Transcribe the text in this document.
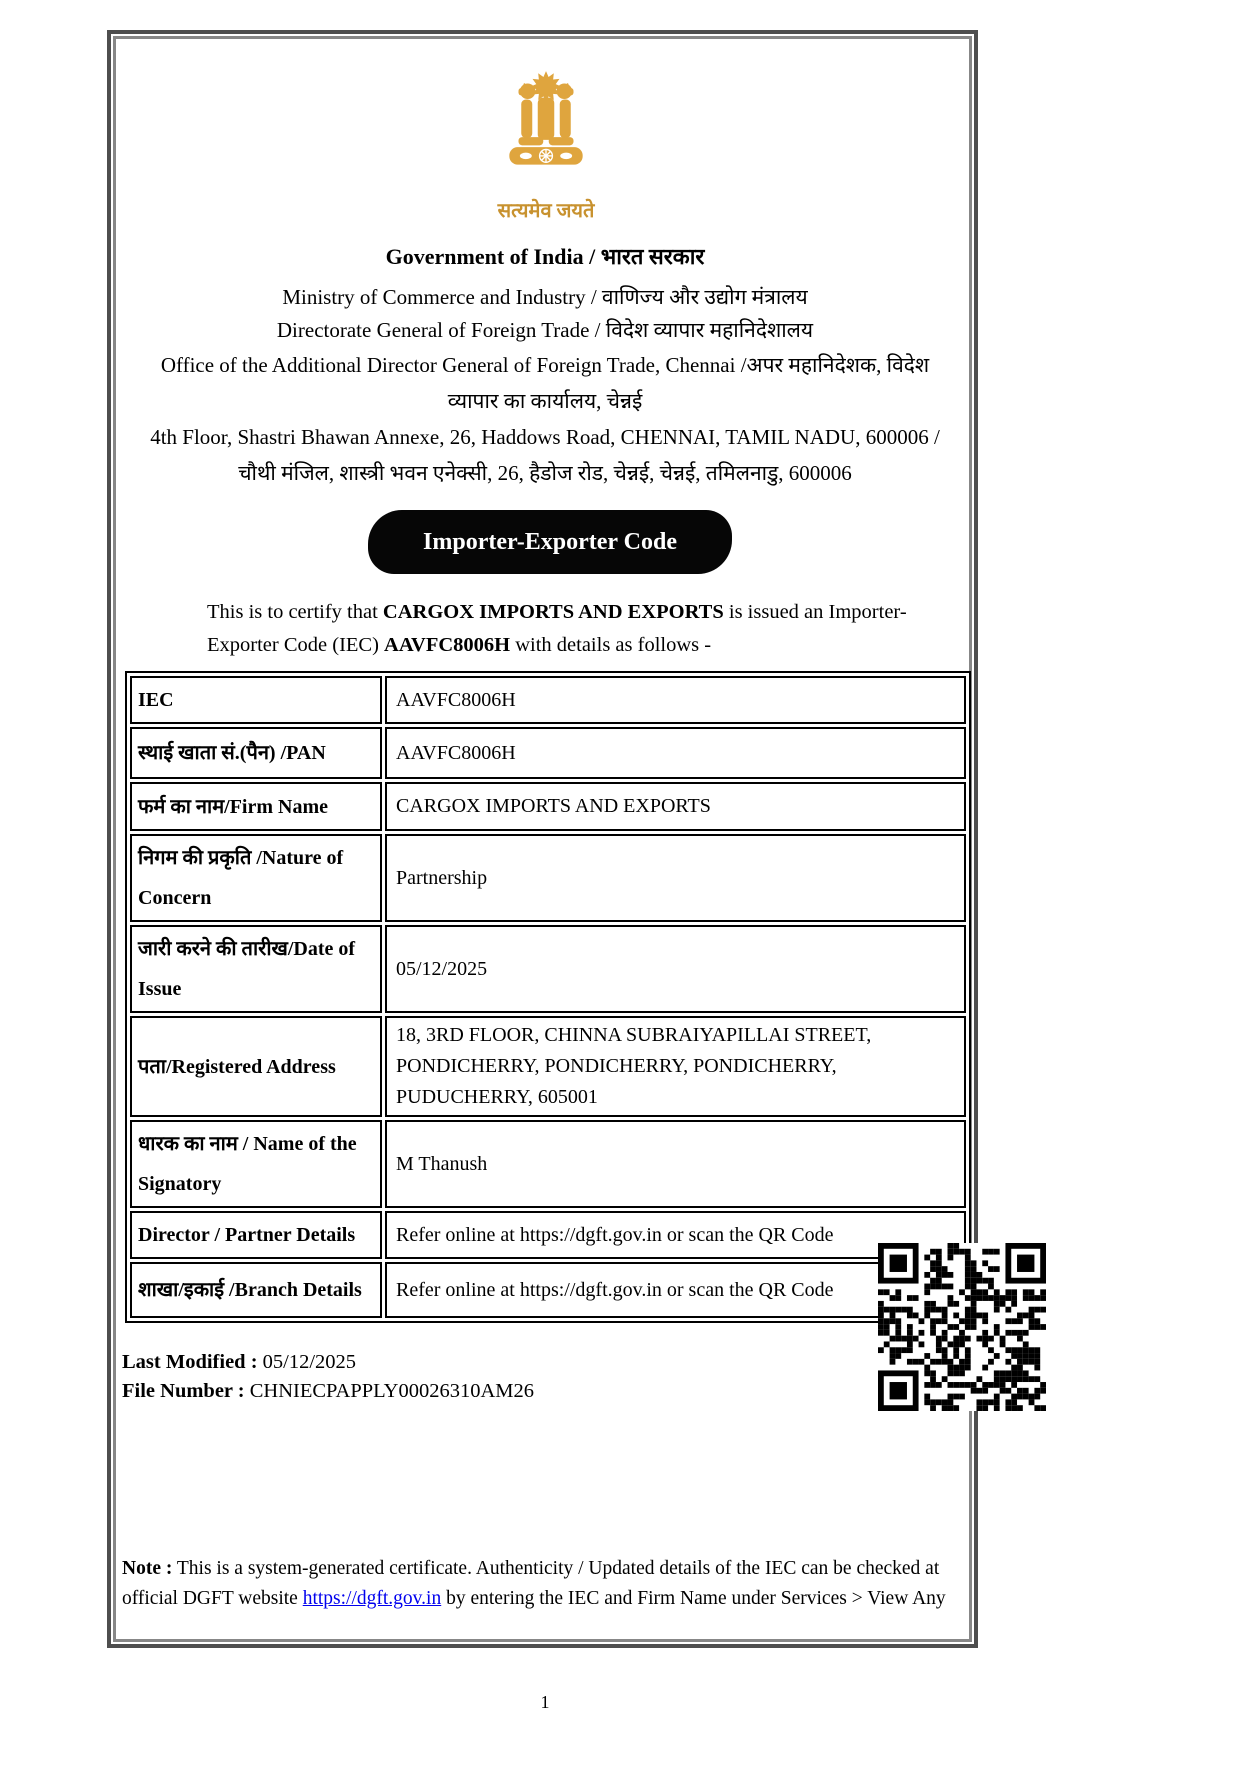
सत्यमेव जयते
Government of India / भारत सरकार
Ministry of Commerce and Industry / वाणिज्य और उद्योग मंत्रालय
Directorate General of Foreign Trade / विदेश व्यापार महानिदेशालय
Office of the Additional Director General of Foreign Trade, Chennai /अपर महानिदेशक, विदेश व्यापार का कार्यालय, चेन्नई
4th Floor, Shastri Bhawan Annexe, 26, Haddows Road, CHENNAI, TAMIL NADU, 600006 / चौथी मंजिल, शास्त्री भवन एनेक्सी, 26, हैडोज रोड, चेन्नई, चेन्नई, तमिलनाडु, 600006
Importer-Exporter Code
This is to certify that CARGOX IMPORTS AND EXPORTS is issued an Importer-Exporter Code (IEC) AAVFC8006H with details as follows -
IEC	AAVFC8006H
स्थाई खाता सं.(पैन) /PAN	AAVFC8006H
फर्म का नाम/Firm Name	CARGOX IMPORTS AND EXPORTS
निगम की प्रकृति /Nature of Concern	Partnership
जारी करने की तारीख/Date of Issue	05/12/2025
पता/Registered Address	18, 3RD FLOOR, CHINNA SUBRAIYAPILLAI STREET, PONDICHERRY, PONDICHERRY, PONDICHERRY, PUDUCHERRY, 605001
धारक का नाम / Name of the Signatory	M Thanush
Director / Partner Details	Refer online at https://dgft.gov.in or scan the QR Code
शाखा/इकाई /Branch Details	Refer online at https://dgft.gov.in or scan the QR Code
Last Modified : 05/12/2025
File Number : CHNIECPAPPLY00026310AM26
Note : This is a system-generated certificate. Authenticity / Updated details of the IEC can be checked at official DGFT website https://dgft.gov.in by entering the IEC and Firm Name under Services > View Any
1
